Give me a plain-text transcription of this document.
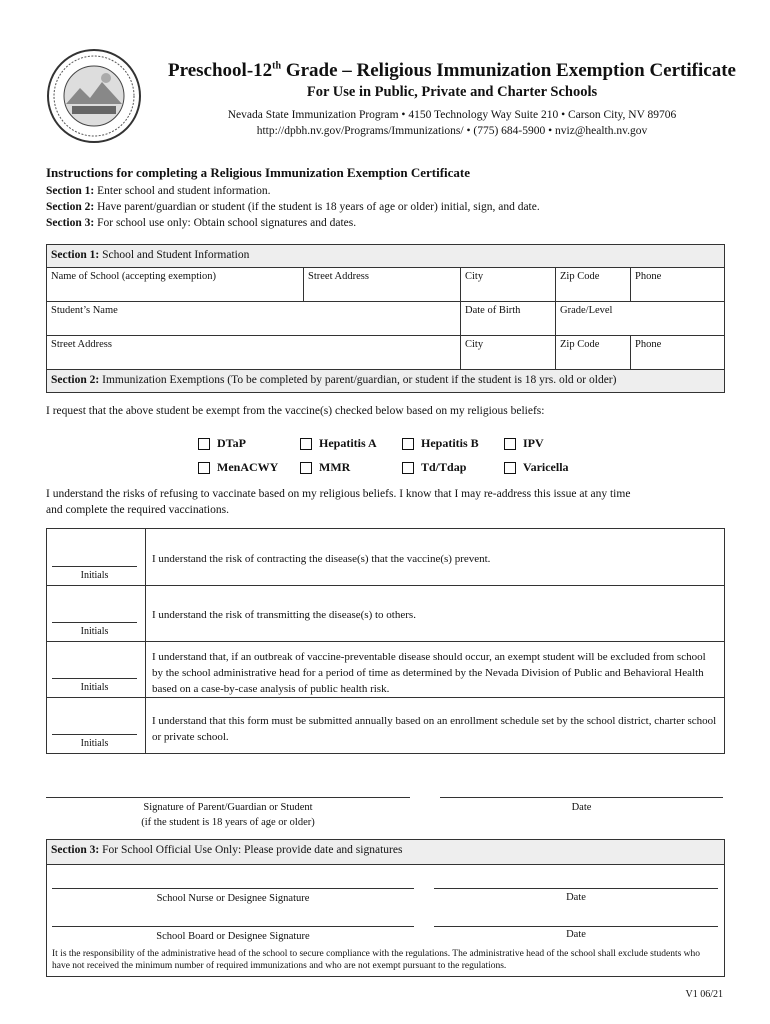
Preschool-12th Grade – Religious Immunization Exemption Certificate
For Use in Public, Private and Charter Schools
Nevada State Immunization Program • 4150 Technology Way Suite 210 • Carson City, NV 89706
http://dpbh.nv.gov/Programs/Immunizations/ • (775) 684-5900 • nviz@health.nv.gov
Instructions for completing a Religious Immunization Exemption Certificate
Section 1: Enter school and student information.
Section 2: Have parent/guardian or student (if the student is 18 years of age or older) initial, sign, and date.
Section 3: For school use only: Obtain school signatures and dates.
Section 1: School and Student Information
Name of School (accepting exemption)	Street Address	City	Zip Code	Phone
Student’s Name	Date of Birth	Grade/Level
Street Address	City	Zip Code	Phone
Section 2: Immunization Exemptions (To be completed by parent/guardian, or student if the student is 18 yrs. old or older)
I request that the above student be exempt from the vaccine(s) checked below based on my religious beliefs:
DTaP	Hepatitis A	Hepatitis B	IPV
MenACWY	MMR	Td/Tdap	Varicella
I understand the risks of refusing to vaccinate based on my religious beliefs. I know that I may re-address this issue at any time
and complete the required vaccinations.
Initials
I understand the risk of contracting the disease(s) that the vaccine(s) prevent.
Initials
I understand the risk of transmitting the disease(s) to others.
Initials
I understand that, if an outbreak of vaccine-preventable disease should occur, an exempt student will be excluded from school by the school administrative head for a period of time as determined by the Nevada Division of Public and Behavioral Health based on a case-by-case analysis of public health risk.
Initials
I understand that this form must be submitted annually based on an enrollment schedule set by the school district, charter school or private school.
Signature of Parent/Guardian or Student
(if the student is 18 years of age or older)
Date
Section 3: For School Official Use Only: Please provide date and signatures
School Nurse or Designee Signature	Date
School Board or Designee Signature	Date
It is the responsibility of the administrative head of the school to secure compliance with the regulations. The administrative head of the school shall exclude students who have not received the minimum number of required immunizations and who are not exempt pursuant to the regulations.
V1 06/21
